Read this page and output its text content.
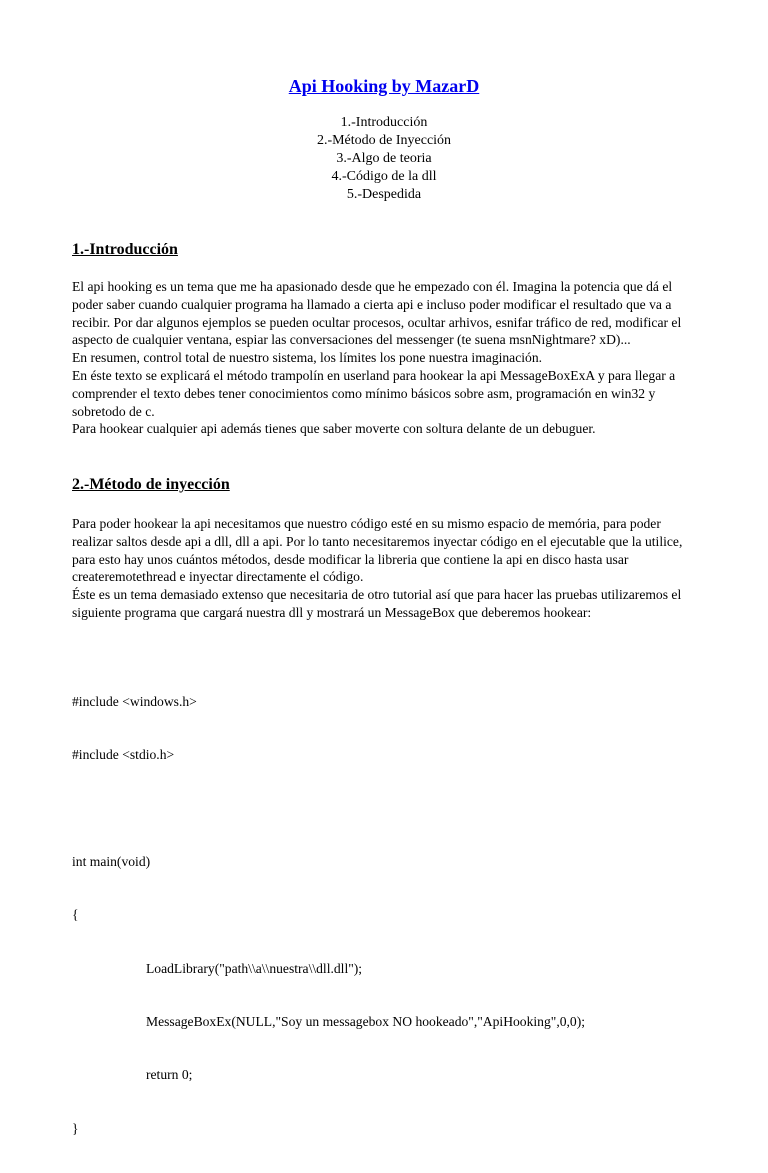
Api Hooking by MazarD
1.-Introducción
2.-Método de Inyección
3.-Algo de teoria
4.-Código de la dll
5.-Despedida
1.-Introducción

El api hooking es un tema que me ha apasionado desde que he empezado con él. Imagina la potencia que dá el poder saber cuando cualquier programa ha llamado a cierta api e incluso poder modificar el resultado que va a recibir. Por dar algunos ejemplos se pueden ocultar procesos, ocultar arhivos, esnifar tráfico de red, modificar el aspecto de cualquier ventana, espiar las conversaciones del messenger (te suena msnNightmare? xD)...

En resumen, control total de nuestro sistema, los límites los pone nuestra imaginación.

En éste texto se explicará el método trampolín en userland para hookear la api MessageBoxExA y para llegar a comprender el texto debes tener conocimientos como mínimo básicos sobre asm, programación en win32 y sobretodo de c.

Para hookear cualquier api además tienes que saber moverte con soltura delante de un debuguer.

2.-Método de inyección

Para poder hookear la api necesitamos que nuestro código esté en su mismo espacio de memória, para poder realizar saltos desde api a dll, dll a api. Por lo tanto necesitaremos inyectar código en el ejecutable que la utilice, para esto hay unos cuántos métodos, desde modificar la libreria que contiene la api en disco hasta usar createremotethread e inyectar directamente el código.

Éste es un tema demasiado extenso que necesitaria de otro tutorial así que para hacer las pruebas utilizaremos el siguiente programa que cargará nuestra dll y mostrará un MessageBox que deberemos hookear:

#include <windows.h>

#include <stdio.h>

int main(void)

{

LoadLibrary("path\\a\\nuestra\\dll.dll");

MessageBoxEx(NULL,"Soy un messagebox NO hookeado","ApiHooking",0,0);

return 0;

}
